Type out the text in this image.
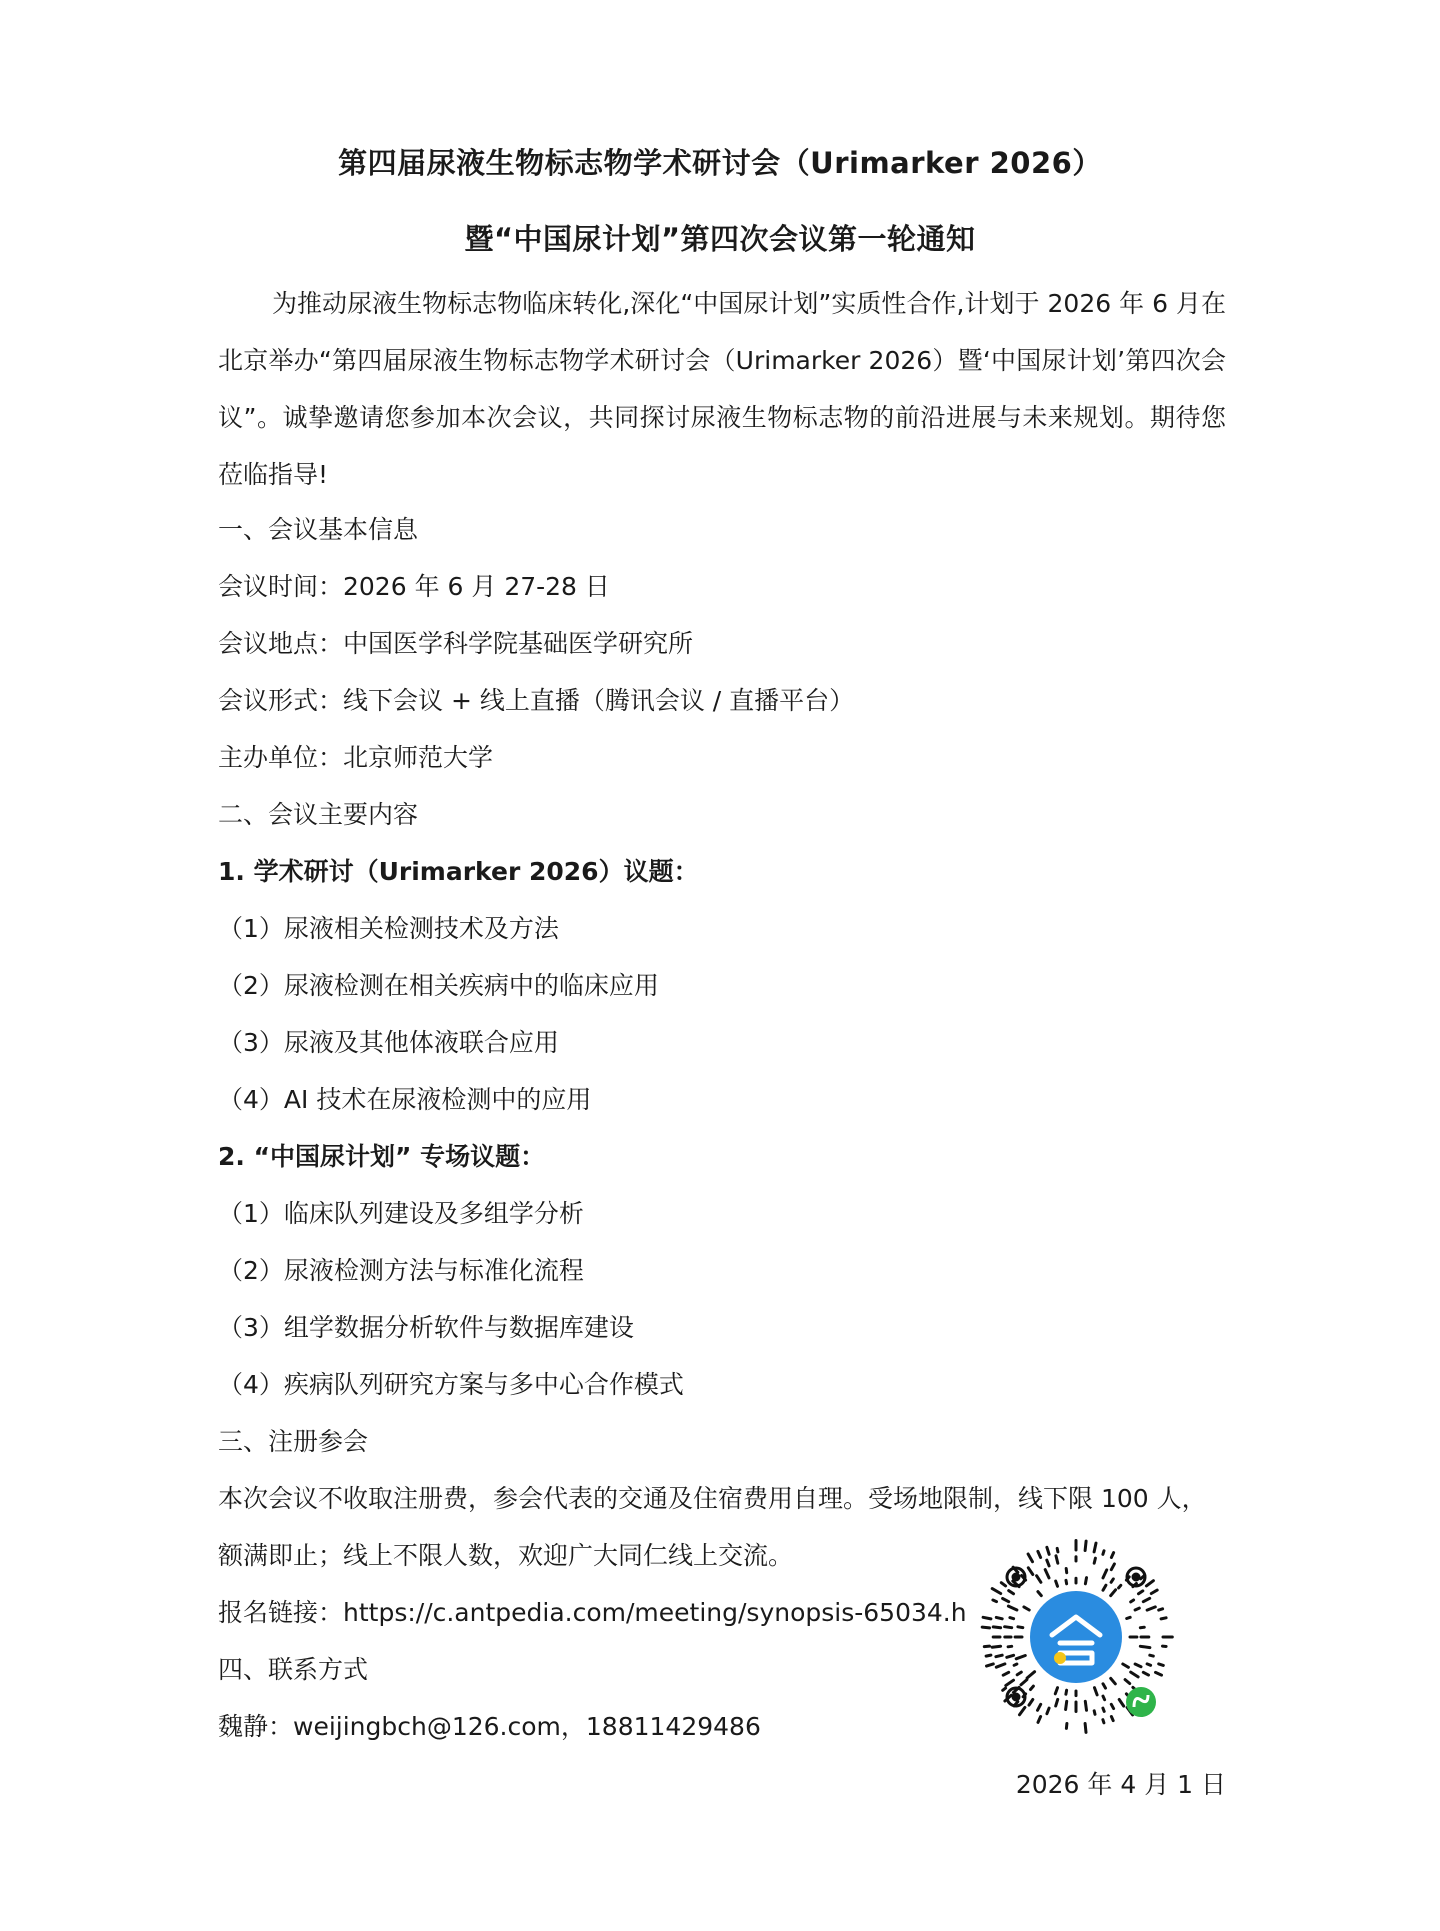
第四届尿液生物标志物学术研讨会（Urimarker 2026）
暨“中国尿计划”第四次会议第一轮通知

为推动尿液生物标志物临床转化,深化“中国尿计划”实质性合作,计划于 2026 年 6 月在北京举办“第四届尿液生物标志物学术研讨会（Urimarker 2026）暨‘中国尿计划’第四次会议”。诚挚邀请您参加本次会议，共同探讨尿液生物标志物的前沿进展与未来规划。期待您莅临指导!

一、会议基本信息
会议时间：2026 年 6 月 27-28 日
会议地点：中国医学科学院基础医学研究所
会议形式：线下会议 + 线上直播（腾讯会议 / 直播平台）
主办单位：北京师范大学
二、会议主要内容
1. 学术研讨（Urimarker 2026）议题：
（1）尿液相关检测技术及方法
（2）尿液检测在相关疾病中的临床应用
（3）尿液及其他体液联合应用
（4）AI 技术在尿液检测中的应用
2. “中国尿计划” 专场议题：
（1）临床队列建设及多组学分析
（2）尿液检测方法与标准化流程
（3）组学数据分析软件与数据库建设
（4）疾病队列研究方案与多中心合作模式
三、注册参会
本次会议不收取注册费，参会代表的交通及住宿费用自理。受场地限制，线下限 100 人，
额满即止；线上不限人数，欢迎广大同仁线上交流。
报名链接：https://c.antpedia.com/meeting/synopsis-65034.h
四、联系方式
魏静：weijingbch@126.com，18811429486
2026 年 4 月 1 日
